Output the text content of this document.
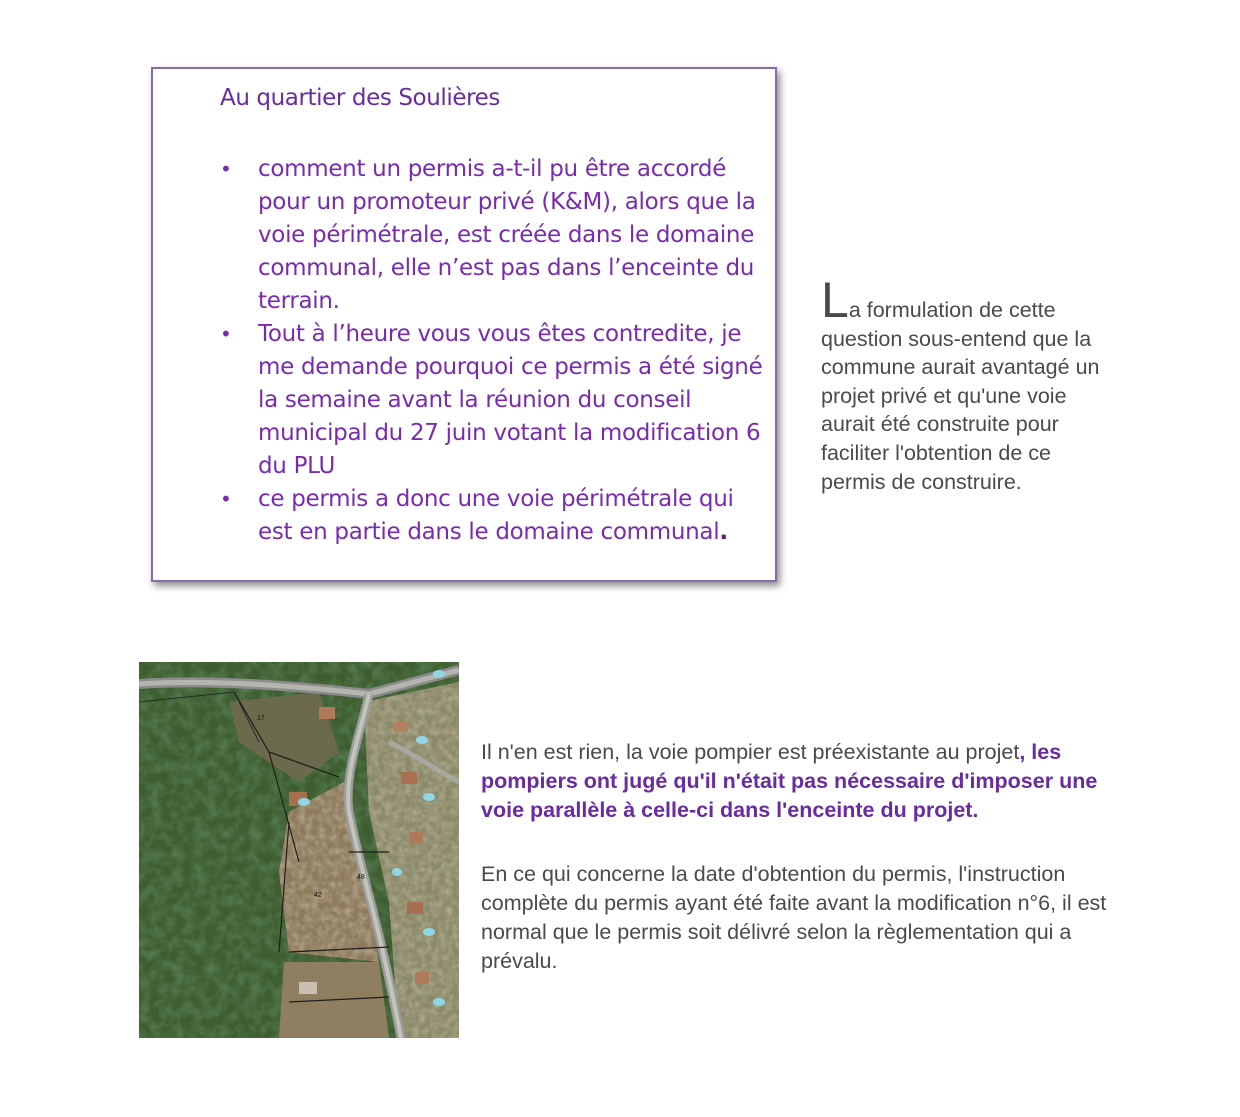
Au quartier des Soulières
•	comment un permis a-t-il pu être accordé pour un promoteur privé (K&M), alors que la voie périmétrale, est créée dans le domaine communal, elle n’est pas dans l’enceinte du terrain.
•	Tout à l’heure vous vous êtes contredite, je me demande pourquoi ce permis a été signé la semaine avant la réunion du conseil municipal du 27 juin votant la modification 6 du PLU
•	ce permis a donc une voie périmétrale qui est en partie dans le domaine communal.
La formulation de cette question sous-entend que la commune aurait avantagé un projet privé et qu'une voie aurait été construite pour faciliter l'obtention de ce permis de construire.
17
42
48

Il n'en est rien, la voie pompier est préexistante au projet, les pompiers ont jugé qu'il n'était pas nécessaire d'imposer une voie parallèle à celle-ci dans l'enceinte du projet.

En ce qui concerne la date d'obtention du permis, l'instruction complète du permis ayant été faite avant la modification n°6, il est normal que le permis soit délivré selon la règlementation qui a prévalu.
